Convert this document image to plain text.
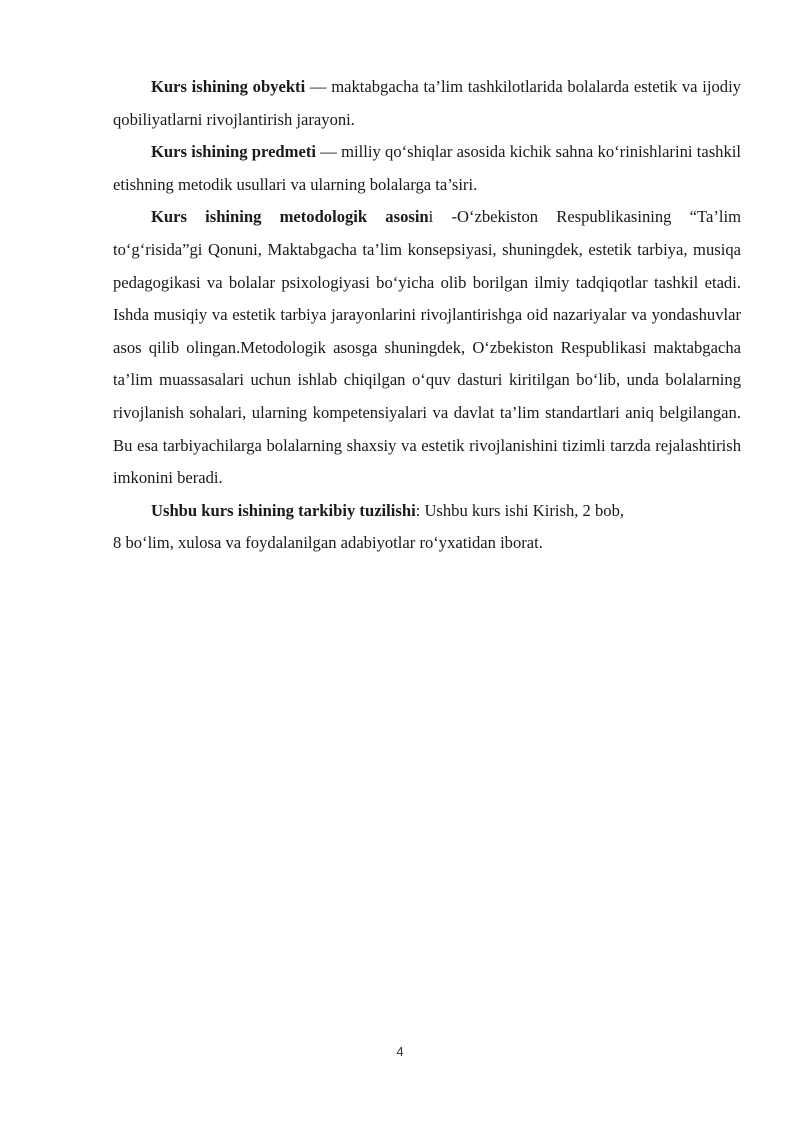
Kurs ishining obyekti — maktabgacha ta’lim tashkilotlarida bolalarda estetik va ijodiy qobiliyatlarni rivojlantirish jarayoni.

Kurs ishining predmeti — milliy qo‘shiqlar asosida kichik sahna ko‘rinishlarini tashkil etishning metodik usullari va ularning bolalarga ta’siri.

Kurs ishining metodologik asosini -O‘zbekiston Respublikasining “Ta’lim to‘g‘risida”gi Qonuni, Maktabgacha ta’lim konsepsiyasi, shuningdek, estetik tarbiya, musiqa pedagogikasi va bolalar psixologiyasi bo‘yicha olib borilgan ilmiy tadqiqotlar tashkil etadi. Ishda musiqiy va estetik tarbiya jarayonlarini rivojlantirishga oid nazariyalar va yondashuvlar asos qilib olingan.Metodologik asosga shuningdek, O‘zbekiston Respublikasi maktabgacha ta’lim muassasalari uchun ishlab chiqilgan o‘quv dasturi kiritilgan bo‘lib, unda bolalarning rivojlanish sohalari, ularning kompetensiyalari va davlat ta’lim standartlari aniq belgilangan. Bu esa tarbiyachilarga bolalarning shaxsiy va estetik rivojlanishini tizimli tarzda rejalashtirish imkonini beradi.

Ushbu kurs ishining tarkibiy tuzilishi: Ushbu kurs ishi Kirish, 2 bob,
8 bo‘lim, xulosa va foydalanilgan adabiyotlar ro‘yxatidan iborat.

4
